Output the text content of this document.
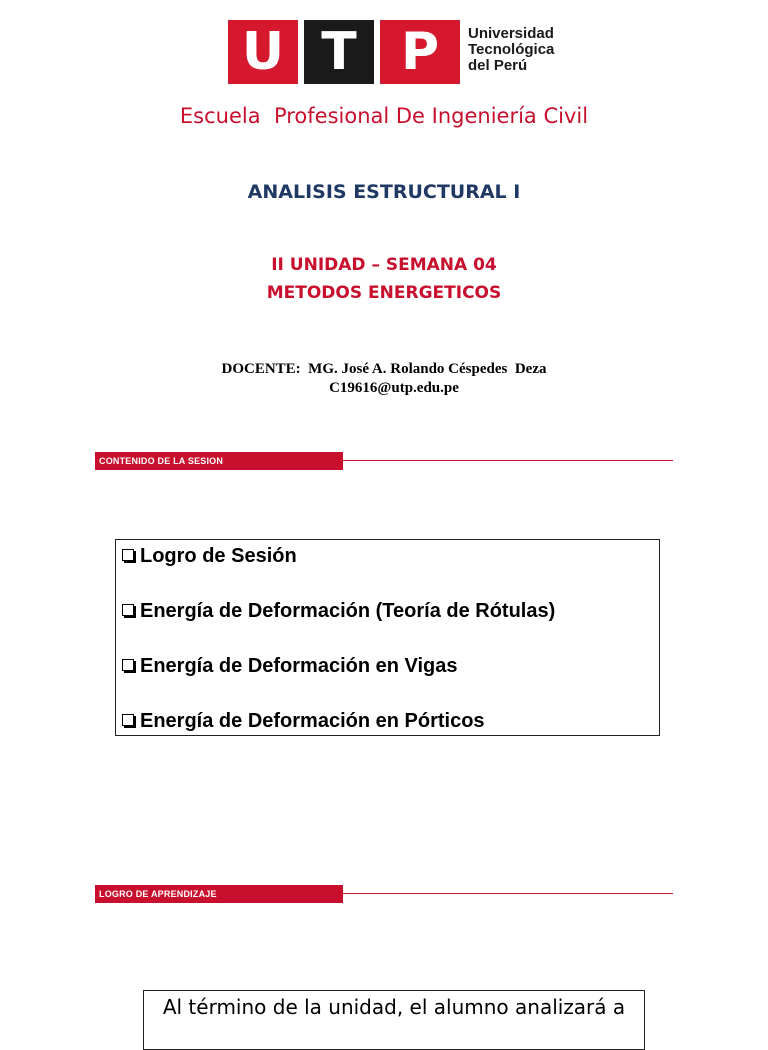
U T P	Universidad
Tecnológica
del Perú
Escuela  Profesional De Ingeniería Civil
ANALISIS ESTRUCTURAL I
II UNIDAD – SEMANA 04
METODOS ENERGETICOS
DOCENTE:  MG. José A. Rolando Céspedes  Deza
C19616@utp.edu.pe
CONTENIDO DE LA SESION
Logro de Sesión
Energía de Deformación (Teoría de Rótulas)
Energía de Deformación en Vigas
Energía de Deformación en Pórticos
LOGRO DE APRENDIZAJE
Al término de la unidad, el alumno analizará a
